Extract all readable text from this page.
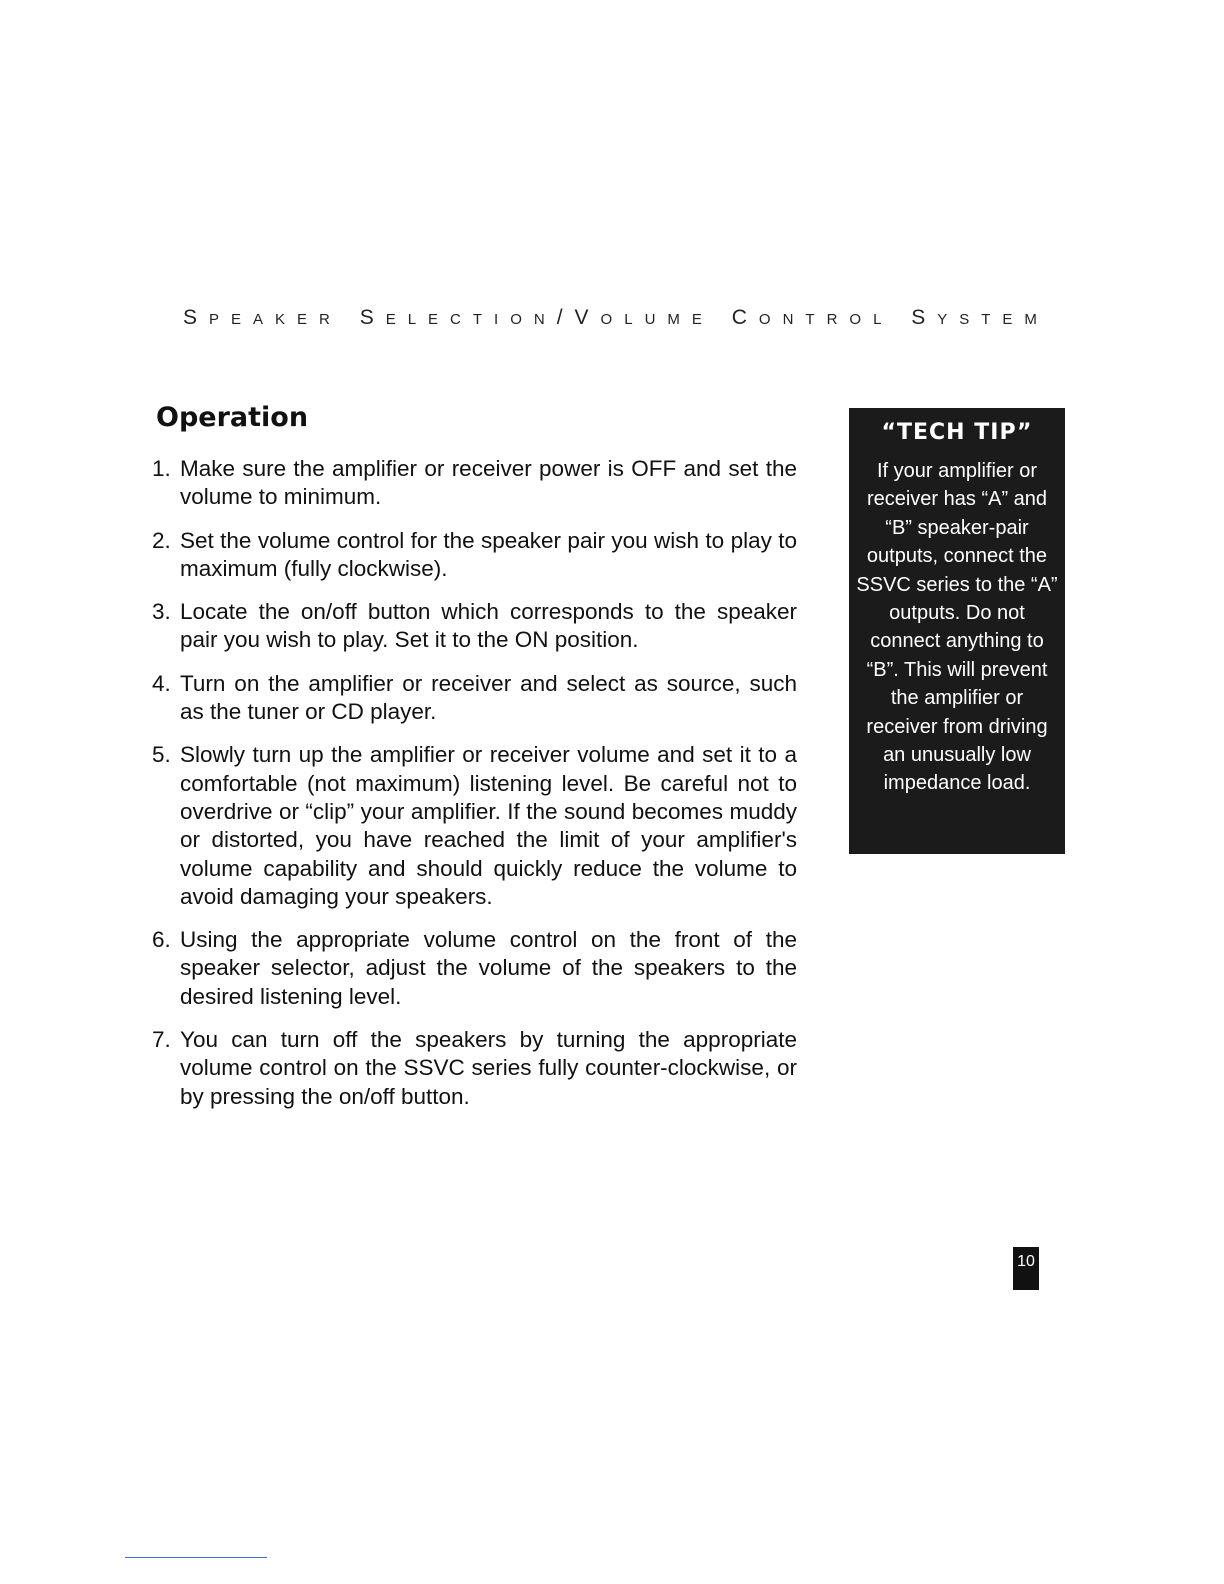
Speaker Selection/Volume Control System
Operation
1. Make sure the amplifier or receiver power is OFF and set the volume to minimum.
2. Set the volume control for the speaker pair you wish to play to maximum (fully clockwise).
3. Locate the on/off button which corresponds to the speaker pair you wish to play. Set it to the ON position.
4. Turn on the amplifier or receiver and select as source, such as the tuner or CD player.
5. Slowly turn up the amplifier or receiver volume and set it to a comfortable (not maximum) listening level. Be careful not to overdrive or “clip” your amplifier. If the sound becomes muddy or distorted, you have reached the limit of your amplifier's volume capability and should quickly reduce the volume to avoid damaging your speakers.
6. Using the appropriate volume control on the front of the speaker selector, adjust the volume of the speakers to the desired listening level.
7. You can turn off the speakers by turning the appropriate volume control on the SSVC series fully counter-clockwise, or by pressing the on/off button.
“TECH TIP”
If your amplifier or receiver has “A” and “B” speaker-pair outputs, connect the SSVC series to the “A” outputs. Do not connect anything to “B”. This will prevent the amplifier or receiver from driving an unusually low impedance load.
10
